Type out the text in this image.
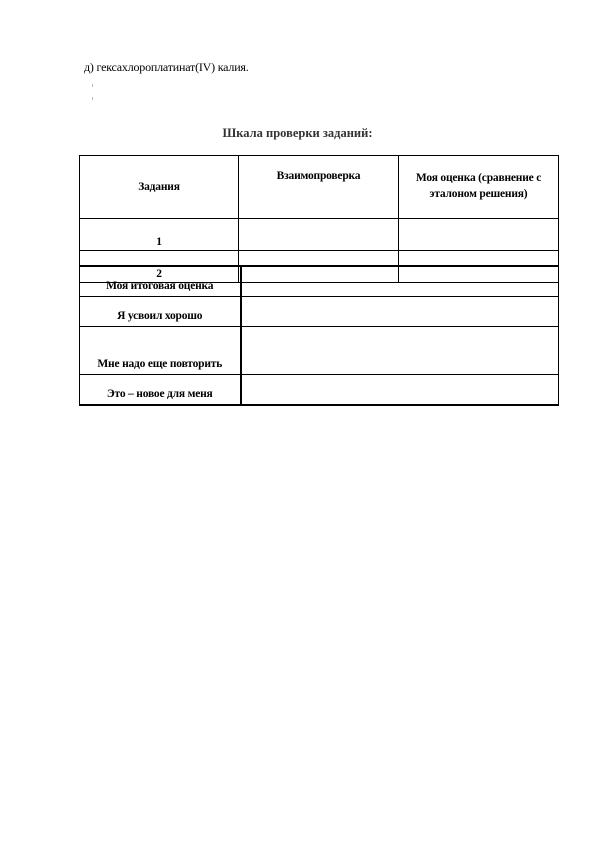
д) гексахлороплатинат(IV) калия.
Шкала проверки заданий:
Задания	Взаимопроверка	Моя оценка (сравнение с эталоном решения)
1		
2		
Моя итоговая оценка	
Я усвоил хорошо	
Мне надо еще повторить	
Это – новое для меня	
